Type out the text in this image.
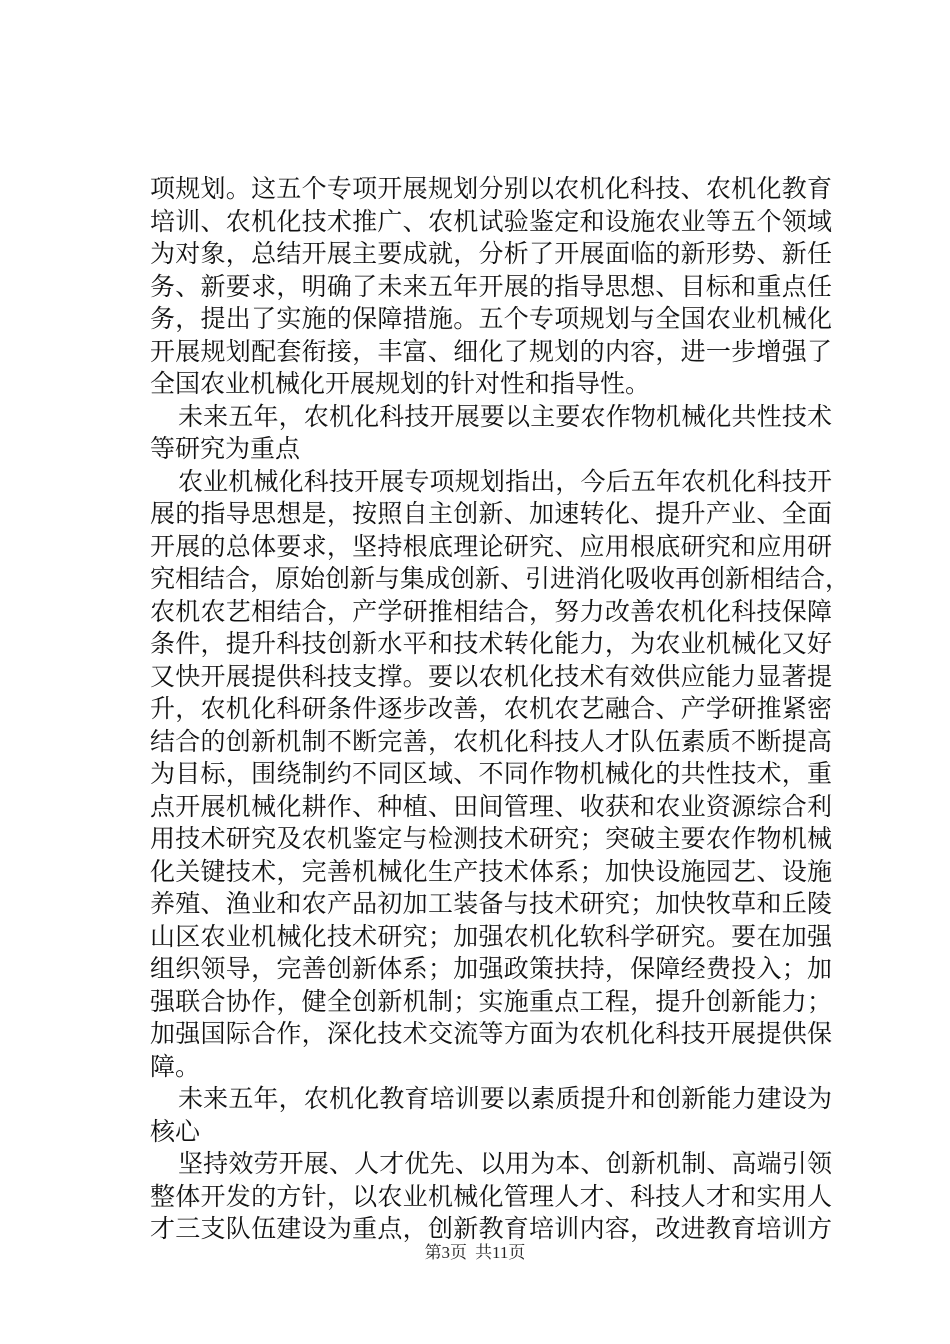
项规划。这五个专项开展规划分别以农机化科技、农机化教育
培训、农机化技术推广、农机试验鉴定和设施农业等五个领域
为对象，总结开展主要成就，分析了开展面临的新形势、新任
务、新要求，明确了未来五年开展的指导思想、目标和重点任
务，提出了实施的保障措施。五个专项规划与全国农业机械化
开展规划配套衔接，丰富、细化了规划的内容，进一步增强了
全国农业机械化开展规划的针对性和指导性。
未来五年，农机化科技开展要以主要农作物机械化共性技术
等研究为重点
农业机械化科技开展专项规划指出，今后五年农机化科技开
展的指导思想是，按照自主创新、加速转化、提升产业、全面
开展的总体要求，坚持根底理论研究、应用根底研究和应用研
究相结合，原始创新与集成创新、引进消化吸收再创新相结合，
农机农艺相结合，产学研推相结合，努力改善农机化科技保障
条件，提升科技创新水平和技术转化能力，为农业机械化又好
又快开展提供科技支撑。要以农机化技术有效供应能力显著提
升，农机化科研条件逐步改善，农机农艺融合、产学研推紧密
结合的创新机制不断完善，农机化科技人才队伍素质不断提高
为目标，围绕制约不同区域、不同作物机械化的共性技术，重
点开展机械化耕作、种植、田间管理、收获和农业资源综合利
用技术研究及农机鉴定与检测技术研究；突破主要农作物机械
化关键技术，完善机械化生产技术体系；加快设施园艺、设施
养殖、渔业和农产品初加工装备与技术研究；加快牧草和丘陵
山区农业机械化技术研究；加强农机化软科学研究。要在加强
组织领导，完善创新体系；加强政策扶持，保障经费投入；加
强联合协作，健全创新机制；实施重点工程，提升创新能力；
加强国际合作，深化技术交流等方面为农机化科技开展提供保
障。
未来五年，农机化教育培训要以素质提升和创新能力建设为
核心
坚持效劳开展、人才优先、以用为本、创新机制、高端引领
整体开发的方针，以农业机械化管理人才、科技人才和实用人
才三支队伍建设为重点，创新教育培训内容，改进教育培训方
第3页 共11页
